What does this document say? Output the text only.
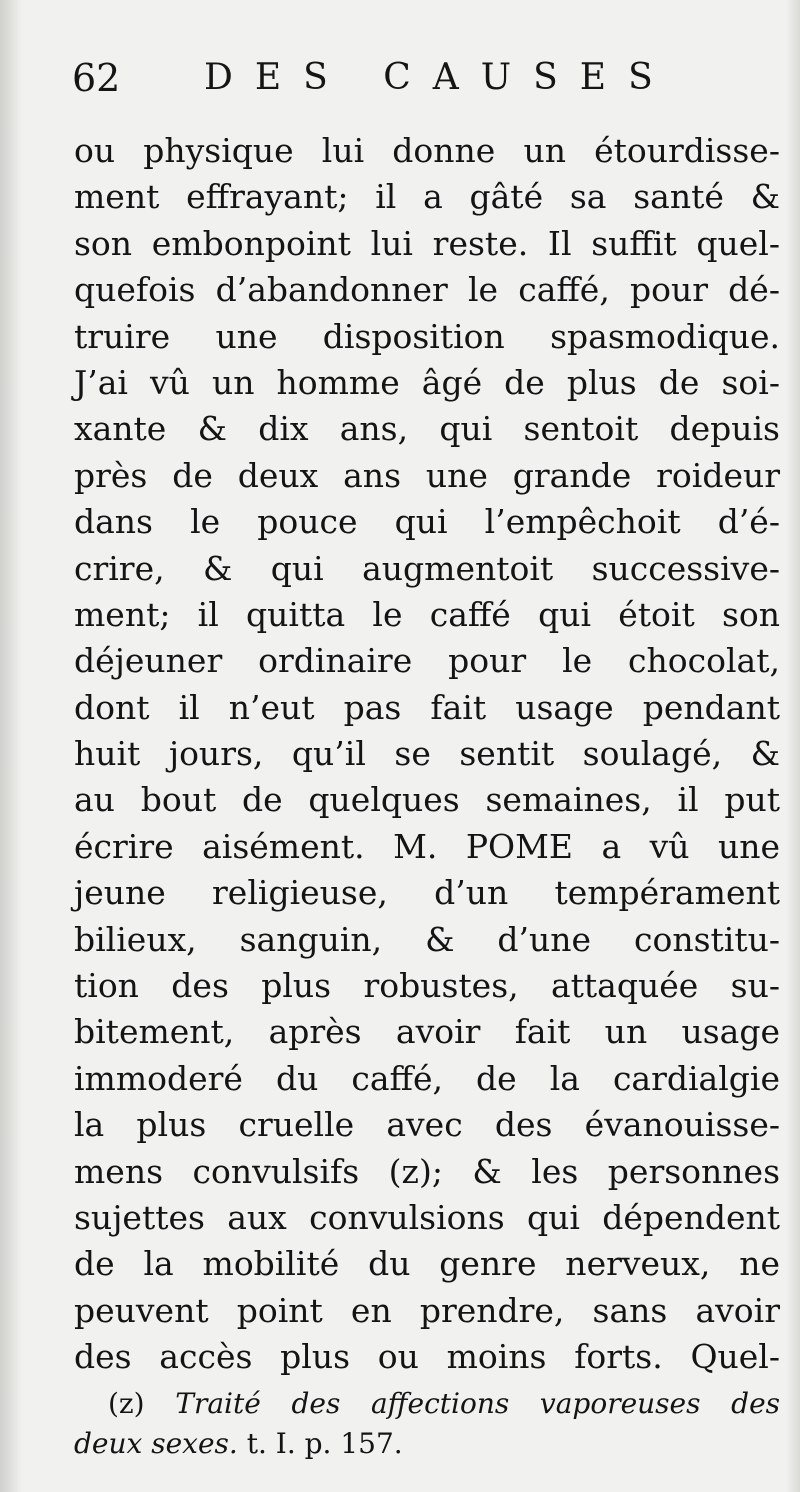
62 DES CAUSES
ou physique lui donne un étourdisse-
ment effrayant; il a gâté sa santé &
son embonpoint lui reste. Il suffit quel-
quefois d’abandonner le caffé, pour dé-
truire une disposition spasmodique.
J’ai vû un homme âgé de plus de soi-
xante & dix ans, qui sentoit depuis
près de deux ans une grande roideur
dans le pouce qui l’empêchoit d’é-
crire, & qui augmentoit successive-
ment; il quitta le caffé qui étoit son
déjeuner ordinaire pour le chocolat,
dont il n’eut pas fait usage pendant
huit jours, qu’il se sentit soulagé, &
au bout de quelques semaines, il put
écrire aisément. M. POME a vû une
jeune religieuse, d’un tempérament
bilieux, sanguin, & d’une constitu-
tion des plus robustes, attaquée su-
bitement, après avoir fait un usage
immoderé du caffé, de la cardialgie
la plus cruelle avec des évanouisse-
mens convulsifs (z); & les personnes
sujettes aux convulsions qui dépendent
de la mobilité du genre nerveux, ne
peuvent point en prendre, sans avoir
des accès plus ou moins forts. Quel-
(z) Traité des affections vaporeuses des
deux sexes. t. I. p. 157.
